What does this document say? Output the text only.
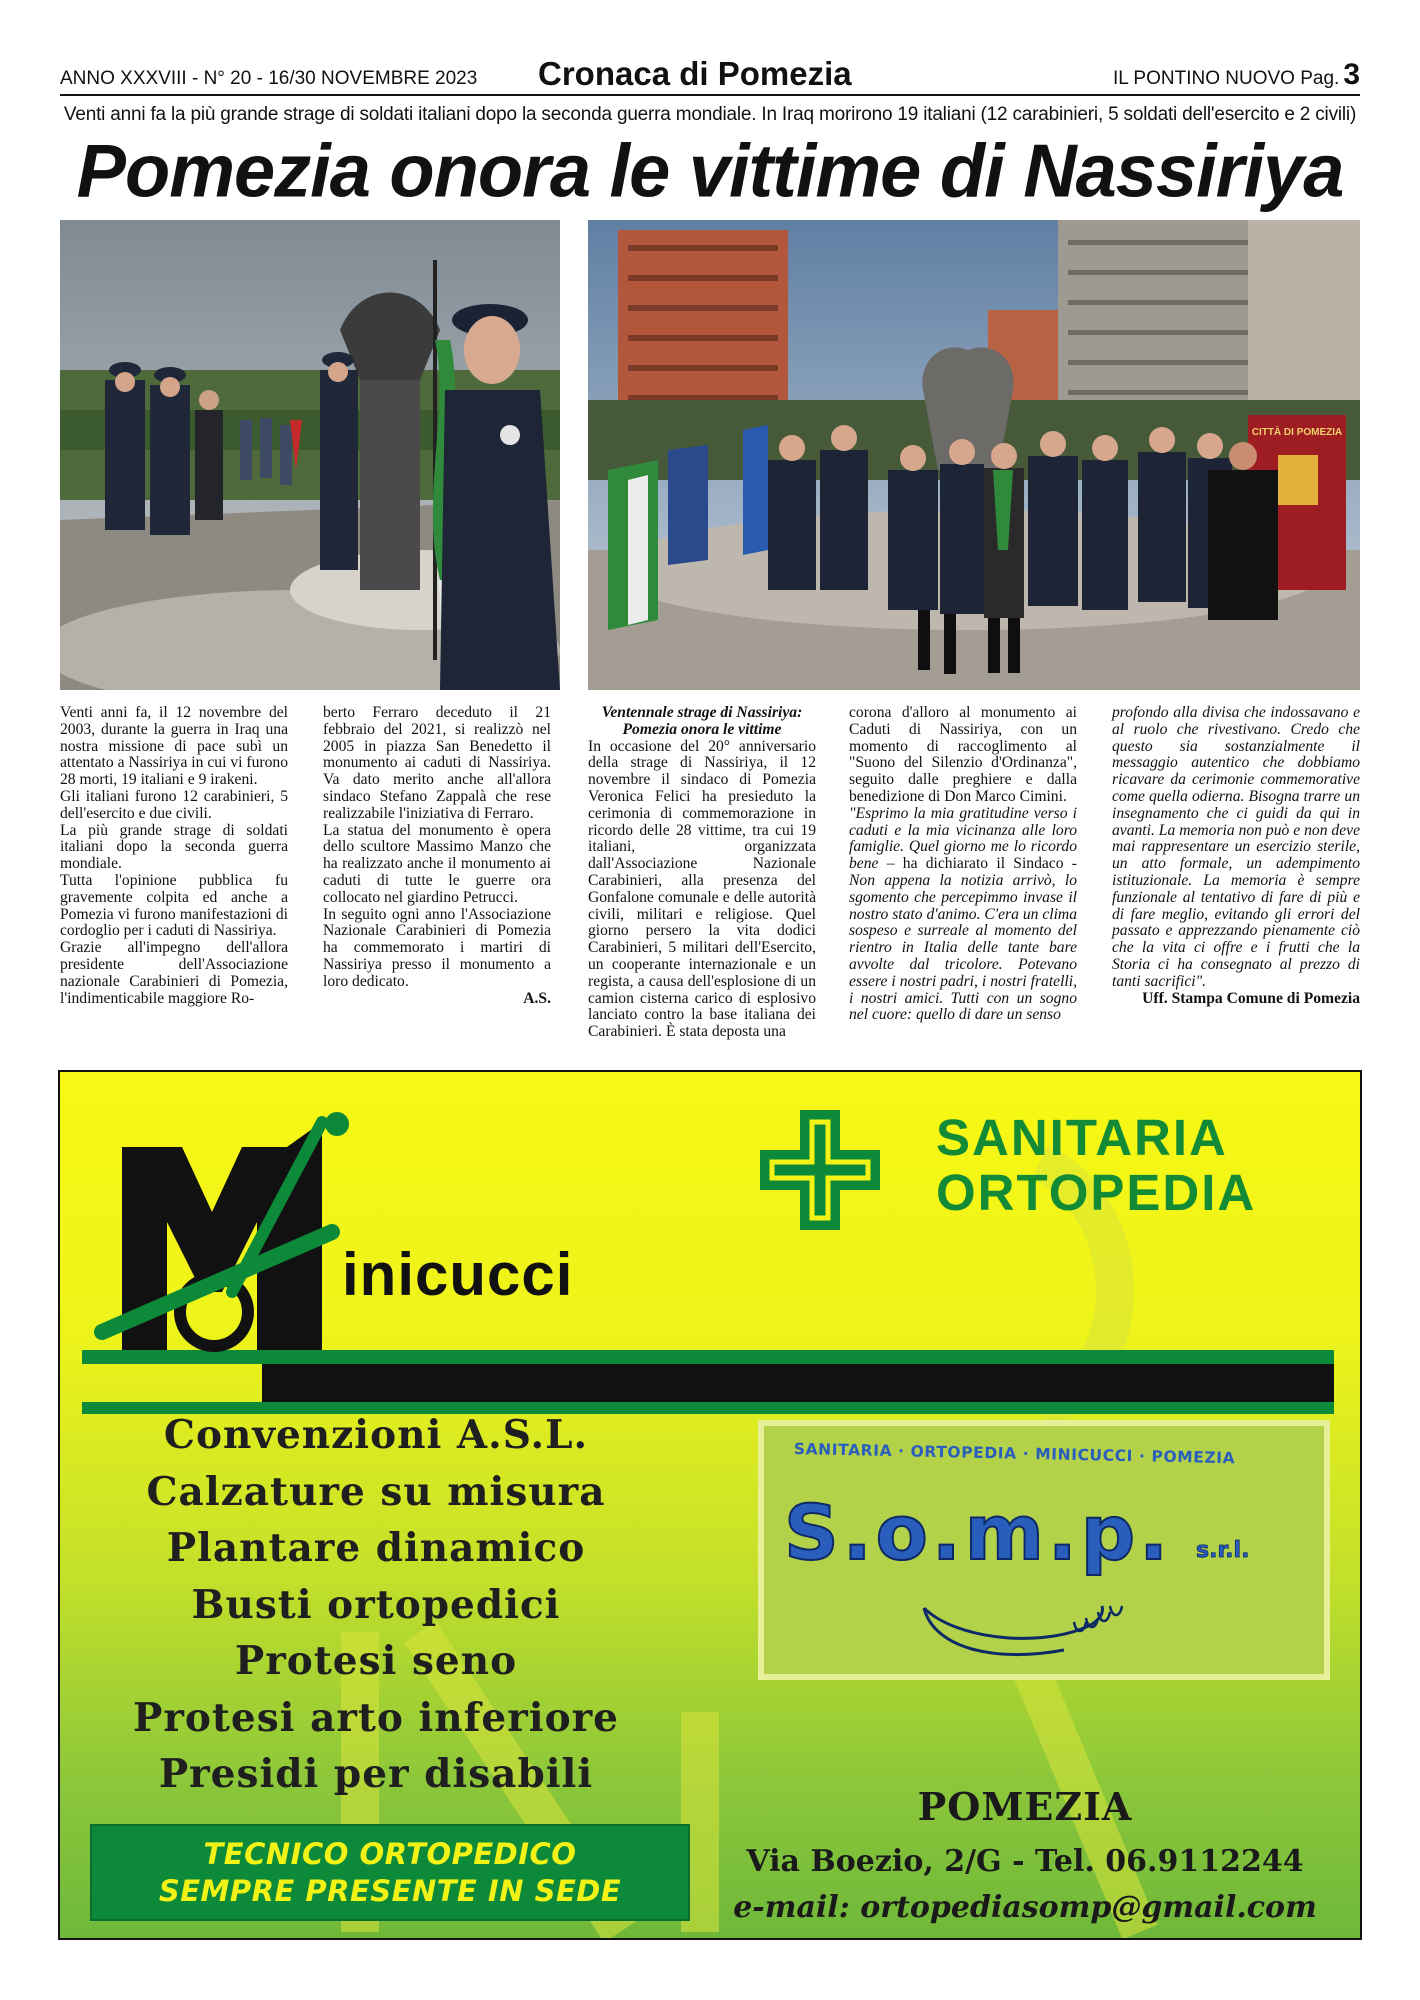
ANNO XXXVIII - N° 20 - 16/30 NOVEMBRE 2023 Cronaca di Pomezia	IL PONTINO NUOVO Pag. 3
Venti anni fa la più grande strage di soldati italiani dopo la seconda guerra mondiale. In Iraq morirono 19 italiani (12 carabinieri, 5 soldati dell'esercito e 2 civili)
Pomezia onora le vittime di Nassiriya
CITTÀ DI POMEZIA

Venti anni fa, il 12 novembre del 2003, durante la guerra in Iraq una nostra missione di pace subì un attentato a Nassiriya in cui vi furono 28 morti, 19 italiani e 9 irakeni.

Gli italiani furono 12 carabinieri, 5 dell'esercito e due civili.

La più grande strage di soldati italiani dopo la seconda guerra mondiale.

Tutta l'opinione pubblica fu gravemente colpita ed anche a Pomezia vi furono manifestazioni di cordoglio per i caduti di Nassiriya.

Grazie all'impegno dell'allora presidente dell'Associazione nazionale Carabinieri di Pomezia, l'indimenticabile maggiore Ro-

berto Ferraro deceduto il 21 febbraio del 2021, si realizzò nel 2005 in piazza San Benedetto il monumento ai caduti di Nassiriya. Va dato merito anche all'allora sindaco Stefano Zappalà che rese realizzabile l'iniziativa di Ferraro.

La statua del monumento è opera dello scultore Massimo Manzo che ha realizzato anche il monumento ai caduti di tutte le guerre ora collocato nel giardino Petrucci.

In seguito ogni anno l'Associazione Nazionale Carabinieri di Pomezia ha commemorato i martiri di Nassiriya presso il monumento a loro dedicato.

A.S.

Ventennale strage di Nassiriya:

Pomezia onora le vittime

In occasione del 20° anniversario della strage di Nassiriya, il 12 novembre il sindaco di Pomezia Veronica Felici ha presieduto la cerimonia di commemorazione in ricordo delle 28 vittime, tra cui 19 italiani, organizzata dall'Associazione Nazionale Carabinieri, alla presenza del Gonfalone comunale e delle autorità civili, militari e religiose. Quel giorno persero la vita dodici Carabinieri, 5 militari dell'Esercito, un cooperante internazionale e un regista, a causa dell'esplosione di un camion cisterna carico di esplosivo lanciato contro la base italiana dei Carabinieri. È stata deposta una

corona d'alloro al monumento ai Caduti di Nassiriya, con un momento di raccoglimento al "Suono del Silenzio d'Ordinanza", seguito dalle preghiere e dalla benedizione di Don Marco Cimini.

"Esprimo la mia gratitudine verso i caduti e la mia vicinanza alle loro famiglie. Quel giorno me lo ricordo bene – ha dichiarato il Sindaco - Non appena la notizia arrivò, lo sgomento che percepimmo invase il nostro stato d'animo. C'era un clima sospeso e surreale al momento del rientro in Italia delle tante bare avvolte dal tricolore. Potevano essere i nostri padri, i nostri fratelli, i nostri amici. Tutti con un sogno nel cuore: quello di dare un senso

profondo alla divisa che indossavano e al ruolo che rivestivano. Credo che questo sia sostanzialmente il messaggio autentico che dobbiamo ricavare da cerimonie commemorative come quella odierna. Bisogna trarre un insegnamento che ci guidi da qui in avanti. La memoria non può e non deve mai rappresentare un esercizio sterile, un atto formale, un adempimento istituzionale. La memoria è sempre funzionale al tentativo di fare di più e di fare meglio, evitando gli errori del passato e apprezzando pienamente ciò che la vita ci offre e i frutti che la Storia ci ha consegnato al prezzo di tanti sacrifici".

Uff. Stampa Comune di Pomezia

inicucci
SANITARIA
ORTOPEDIA
Convenzioni A.S.L.
Calzature su misura
Plantare dinamico
Busti ortopedici
Protesi seno
Protesi arto inferiore
Presidi per disabili
TECNICO ORTOPEDICO
SEMPRE PRESENTE IN SEDE
SANITARIA · ORTOPEDIA · MINICUCCI · POMEZIA
S.o.m.p. s.r.l.
POMEZIA
Via Boezio, 2/G - Tel. 06.9112244
e-mail: ortopediasomp@gmail.com
